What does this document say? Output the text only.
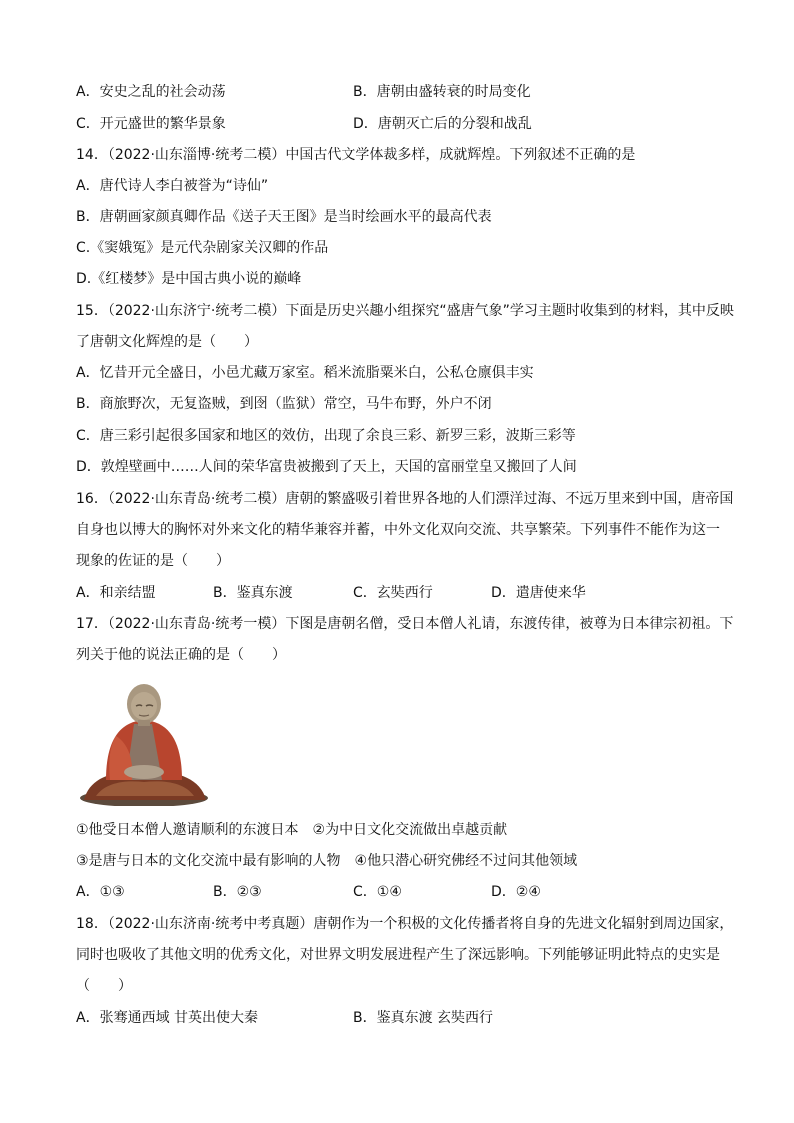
A．安史之乱的社会动荡	B．唐朝由盛转衰的时局变化
C．开元盛世的繁华景象	D．唐朝灭亡后的分裂和战乱
14．（2022·山东淄博·统考二模）中国古代文学体裁多样，成就辉煌。下列叙述不正确的是
A．唐代诗人李白被誉为“诗仙”
B．唐朝画家颜真卿作品《送子天王图》是当时绘画水平的最高代表
C.《窦娥冤》是元代杂剧家关汉卿的作品
D.《红楼梦》是中国古典小说的巅峰
15．（2022·山东济宁·统考二模）下面是历史兴趣小组探究“盛唐气象”学习主题时收集到的材料，其中反映
了唐朝文化辉煌的是（　　）
A．忆昔开元全盛日，小邑尤藏万家室。稻米流脂粟米白，公私仓廪俱丰实
B．商旅野次，无复盗贼，到囹（监狱）常空，马牛布野，外户不闭
C．唐三彩引起很多国家和地区的效仿，出现了余良三彩、新罗三彩，波斯三彩等
D．敦煌壁画中……人间的荣华富贵被搬到了天上，天国的富丽堂皇又搬回了人间
16．（2022·山东青岛·统考二模）唐朝的繁盛吸引着世界各地的人们漂洋过海、不远万里来到中国，唐帝国
自身也以博大的胸怀对外来文化的精华兼容并蓄，中外文化双向交流、共享繁荣。下列事件不能作为这一
现象的佐证的是（　　）
A．和亲结盟	B．鉴真东渡	C．玄奘西行	D．遣唐使来华
17．（2022·山东青岛·统考一模）下图是唐朝名僧，受日本僧人礼请，东渡传律，被尊为日本律宗初祖。下
列关于他的说法正确的是（　　）
①他受日本僧人邀请顺利的东渡日本　②为中日文化交流做出卓越贡献
③是唐与日本的文化交流中最有影响的人物　④他只潜心研究佛经不过问其他领域
A．①③	B．②③	C．①④	D．②④
18．（2022·山东济南·统考中考真题）唐朝作为一个积极的文化传播者将自身的先进文化辐射到周边国家，
同时也吸收了其他文明的优秀文化，对世界文明发展进程产生了深远影响。下列能够证明此特点的史实是
（　　）
A．张骞通西域 甘英出使大秦	B．鉴真东渡 玄奘西行
